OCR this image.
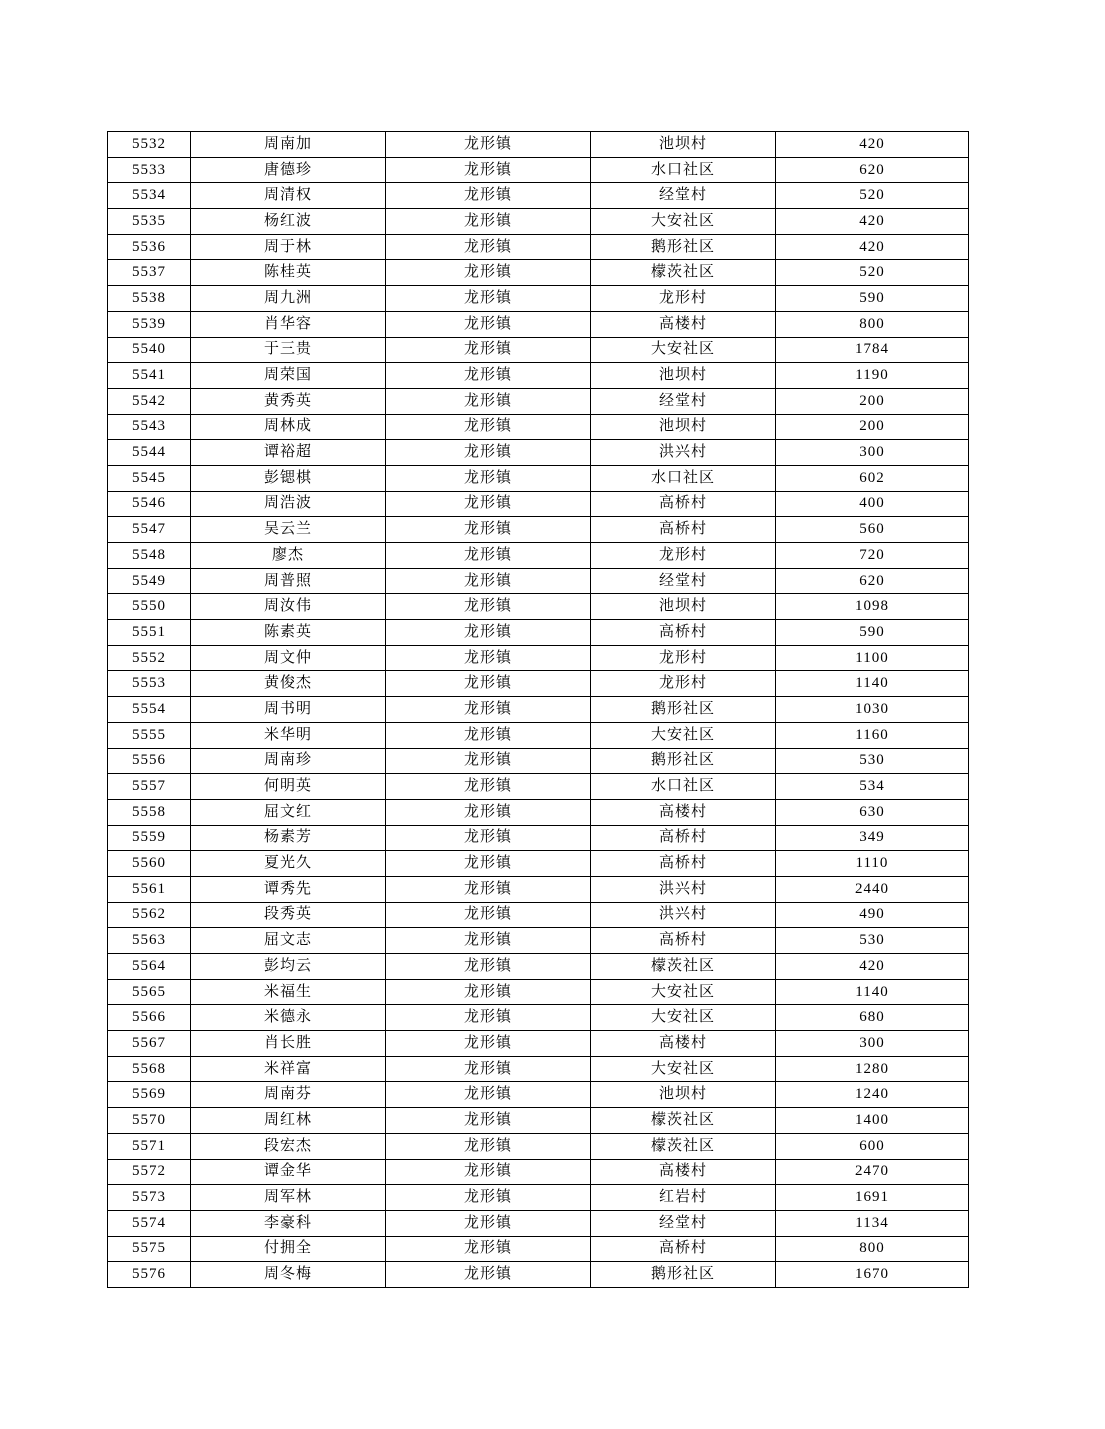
5532	周南加	龙形镇	池坝村	420
5533	唐德珍	龙形镇	水口社区	620
5534	周清权	龙形镇	经堂村	520
5535	杨红波	龙形镇	大安社区	420
5536	周于林	龙形镇	鹅形社区	420
5537	陈桂英	龙形镇	檬茨社区	520
5538	周九洲	龙形镇	龙形村	590
5539	肖华容	龙形镇	高楼村	800
5540	于三贵	龙形镇	大安社区	1784
5541	周荣国	龙形镇	池坝村	1190
5542	黄秀英	龙形镇	经堂村	200
5543	周林成	龙形镇	池坝村	200
5544	谭裕超	龙形镇	洪兴村	300
5545	彭锶棋	龙形镇	水口社区	602
5546	周浩波	龙形镇	高桥村	400
5547	吴云兰	龙形镇	高桥村	560
5548	廖杰	龙形镇	龙形村	720
5549	周普照	龙形镇	经堂村	620
5550	周汝伟	龙形镇	池坝村	1098
5551	陈素英	龙形镇	高桥村	590
5552	周文仲	龙形镇	龙形村	1100
5553	黄俊杰	龙形镇	龙形村	1140
5554	周书明	龙形镇	鹅形社区	1030
5555	米华明	龙形镇	大安社区	1160
5556	周南珍	龙形镇	鹅形社区	530
5557	何明英	龙形镇	水口社区	534
5558	屈文红	龙形镇	高楼村	630
5559	杨素芳	龙形镇	高桥村	349
5560	夏光久	龙形镇	高桥村	1110
5561	谭秀先	龙形镇	洪兴村	2440
5562	段秀英	龙形镇	洪兴村	490
5563	屈文志	龙形镇	高桥村	530
5564	彭均云	龙形镇	檬茨社区	420
5565	米福生	龙形镇	大安社区	1140
5566	米德永	龙形镇	大安社区	680
5567	肖长胜	龙形镇	高楼村	300
5568	米祥富	龙形镇	大安社区	1280
5569	周南芬	龙形镇	池坝村	1240
5570	周红林	龙形镇	檬茨社区	1400
5571	段宏杰	龙形镇	檬茨社区	600
5572	谭金华	龙形镇	高楼村	2470
5573	周军林	龙形镇	红岩村	1691
5574	李豪科	龙形镇	经堂村	1134
5575	付拥全	龙形镇	高桥村	800
5576	周冬梅	龙形镇	鹅形社区	1670
